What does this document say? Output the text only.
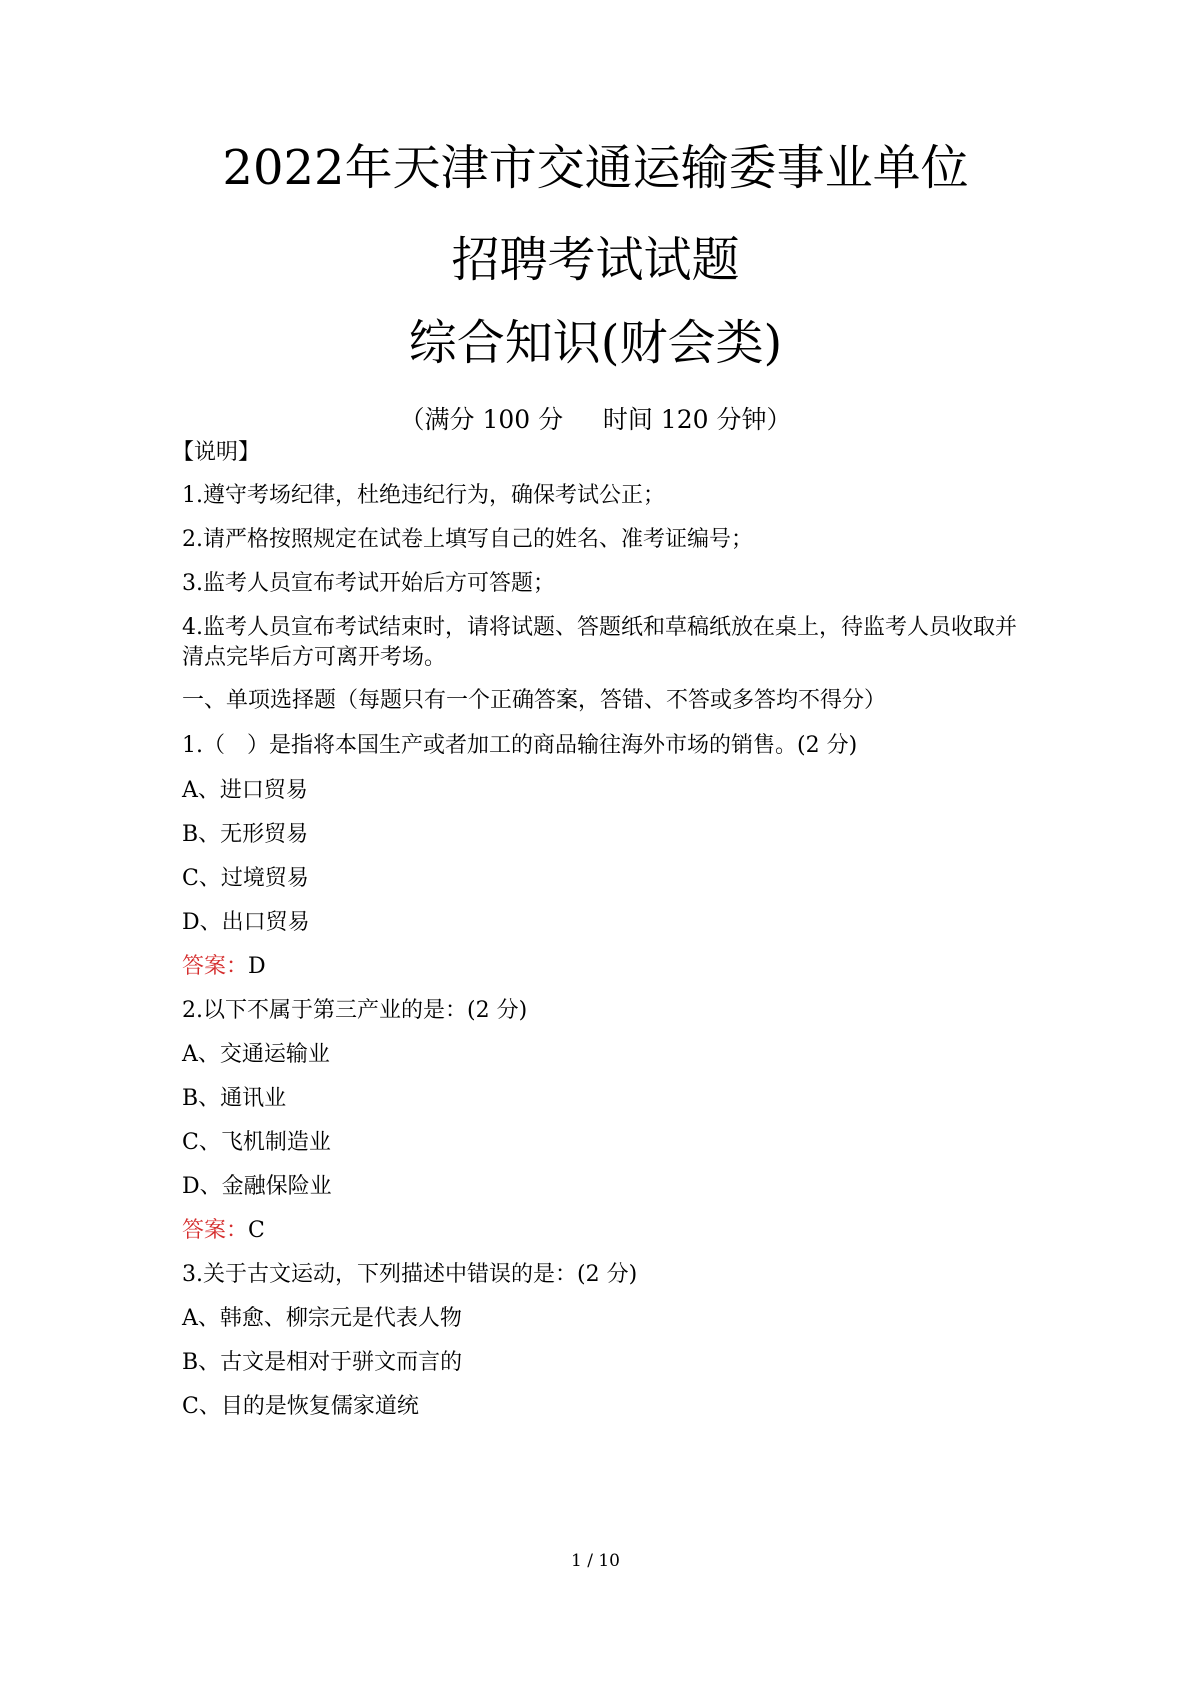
2022年天津市交通运输委事业单位
招聘考试试题
综合知识(财会类)
（满分 100 分     时间 120 分钟）
【说明】
1.遵守考场纪律，杜绝违纪行为，确保考试公正；
2.请严格按照规定在试卷上填写自己的姓名、准考证编号；
3.监考人员宣布考试开始后方可答题；
4.监考人员宣布考试结束时，请将试题、答题纸和草稿纸放在桌上，待监考人员收取并清点完毕后方可离开考场。
一、单项选择题（每题只有一个正确答案，答错、不答或多答均不得分）
1.（　）是指将本国生产或者加工的商品输往海外市场的销售。(2 分)
A、进口贸易
B、无形贸易
C、过境贸易
D、出口贸易
答案：D
2.以下不属于第三产业的是：(2 分)
A、交通运输业
B、通讯业
C、飞机制造业
D、金融保险业
答案：C
3.关于古文运动，下列描述中错误的是：(2 分)
A、韩愈、柳宗元是代表人物
B、古文是相对于骈文而言的
C、目的是恢复儒家道统
1 / 10
